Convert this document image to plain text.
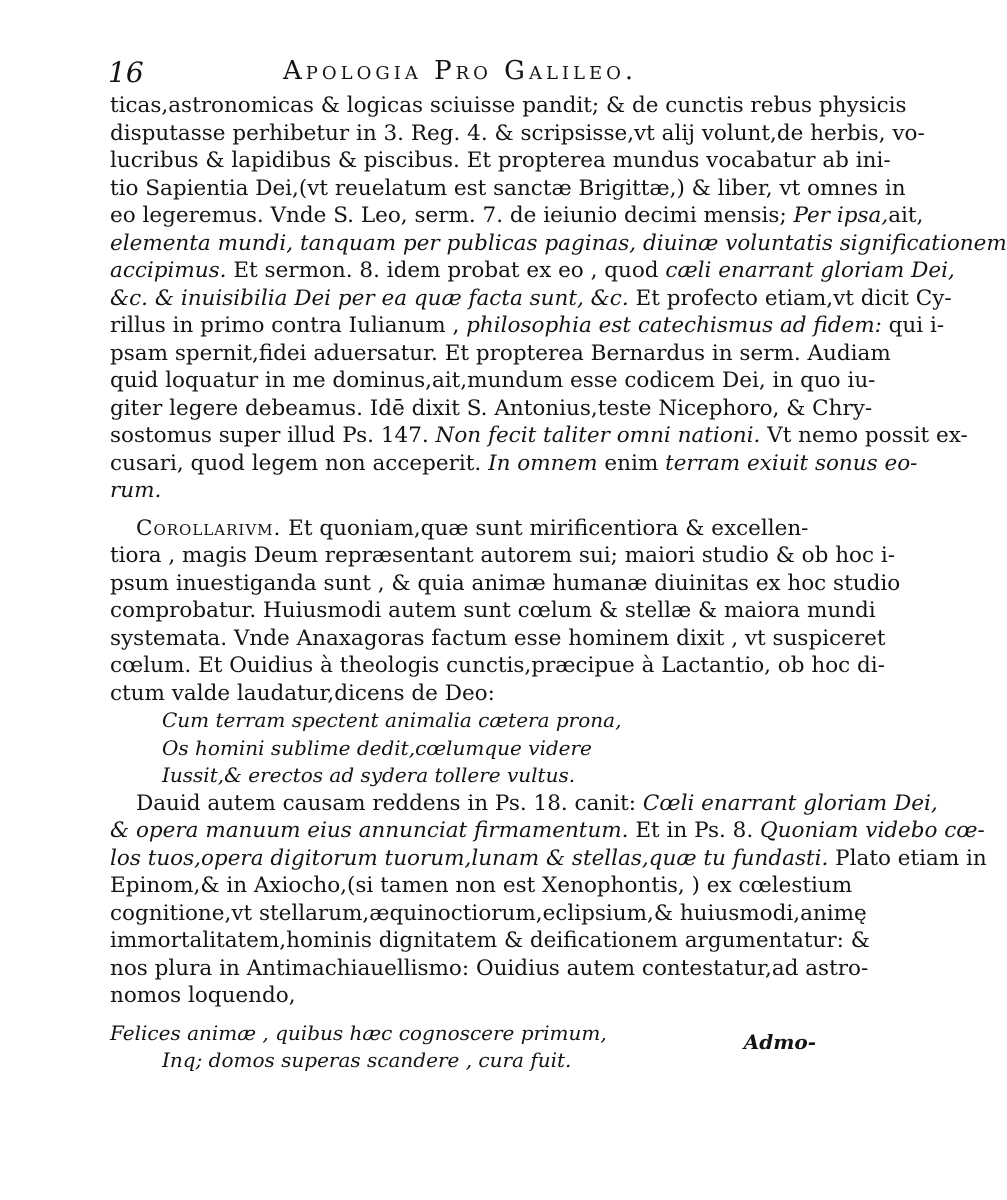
16	Apologia Pro Galileo.
ticas,astronomicas & logicas sciuisse pandit; & de cunctis rebus physicis
disputasse perhibetur in 3. Reg. 4. & scripsisse,vt alij volunt,de herbis, vo-
lucribus & lapidibus & piscibus. Et propterea mundus vocabatur ab ini-
tio Sapientia Dei,(vt reuelatum est sanctæ Brigittæ,) & liber, vt omnes in
eo legeremus. Vnde S. Leo, serm. 7. de ieiunio decimi mensis; Per ipsa,ait,
elementa mundi, tanquam per publicas paginas, diuinæ voluntatis significationem
accipimus. Et sermon. 8. idem probat ex eo , quod cæli enarrant gloriam Dei,
&c. & inuisibilia Dei per ea quæ facta sunt, &c. Et profecto etiam,vt dicit Cy-
rillus in primo contra Iulianum , philosophia est catechismus ad fidem: qui i-
psam spernit,fidei aduersatur. Et propterea Bernardus in serm. Audiam
quid loquatur in me dominus,ait,mundum esse codicem Dei, in quo iu-
giter legere debeamus. Idē dixit S. Antonius,teste Nicephoro, & Chry-
sostomus super illud Ps. 147. Non fecit taliter omni nationi. Vt nemo possit ex-
cusari, quod legem non acceperit. In omnem enim terram exiuit sonus eo-
rum.
Corollarivm. Et quoniam,quæ sunt mirificentiora & excellen-
tiora , magis Deum repræsentant autorem sui; maiori studio & ob hoc i-
psum inuestiganda sunt , & quia animæ humanæ diuinitas ex hoc studio
comprobatur. Huiusmodi autem sunt cœlum & stellæ & maiora mundi
systemata. Vnde Anaxagoras factum esse hominem dixit , vt suspiceret
cœlum. Et Ouidius à theologis cunctis,præcipue à Lactantio, ob hoc di-
ctum valde laudatur,dicens de Deo:
Cum terram spectent animalia cætera prona,
Os homini sublime dedit,cœlumque videre
Iussit,& erectos ad sydera tollere vultus.
Dauid autem causam reddens in Ps. 18. canit: Cœli enarrant gloriam Dei,
& opera manuum eius annunciat firmamentum. Et in Ps. 8. Quoniam videbo cœ-
los tuos,opera digitorum tuorum,lunam & stellas,quæ tu fundasti. Plato etiam in
Epinom,& in Axiocho,(si tamen non est Xenophontis, ) ex cœlestium
cognitione,vt stellarum,æquinoctiorum,eclipsium,& huiusmodi,animę
immortalitatem,hominis dignitatem & deificationem argumentatur: &
nos plura in Antimachiauellismo: Ouidius autem contestatur,ad astro-
nomos loquendo,
Felices animæ , quibus hæc cognoscere primum,
Inq; domos superas scandere , cura fuit.
Admo-
